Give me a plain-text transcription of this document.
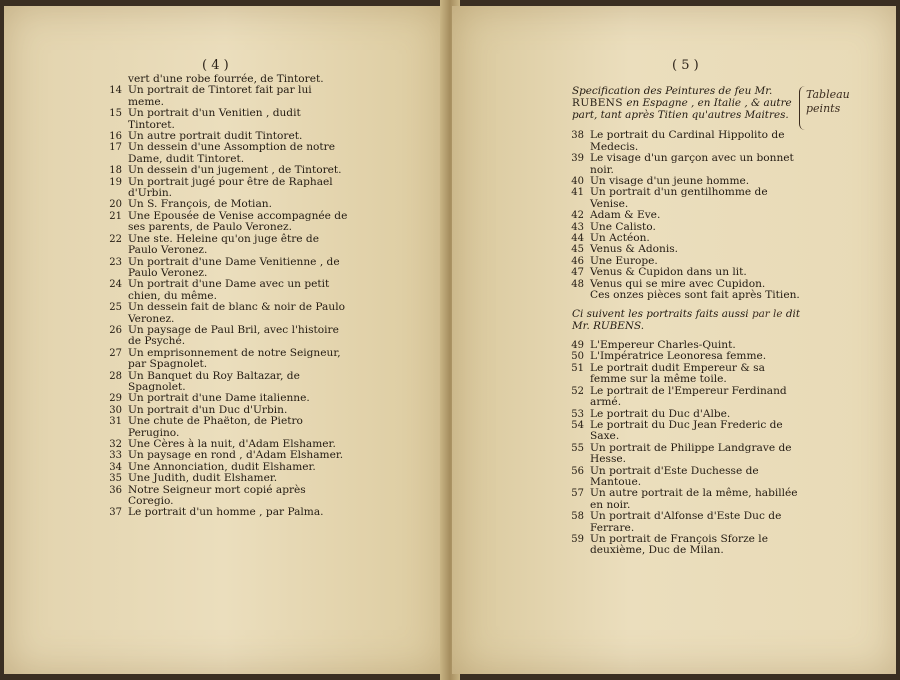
( 4 )
vert d'une robe fourrée, de Tintoret.
14 Un portrait de Tintoret fait par lui meme.
15 Un portrait d'un Venitien , dudit Tintoret.
16 Un autre portrait dudit Tintoret.
17 Un dessein d'une Assomption de notre Dame, dudit Tintoret.
18 Un dessein d'un jugement , de Tintoret.
19 Un portrait jugé pour être de Raphael d'Urbin.
20 Un S. François, de Motian.
21 Une Epousée de Venise accompagnée de ses parents, de Paulo Veronez.
22 Une ste. Heleine qu'on juge être de Paulo Veronez.
23 Un portrait d'une Dame Venitienne , de Paulo Veronez.
24 Un portrait d'une Dame avec un petit chien, du même.
25 Un dessein fait de blanc & noir de Paulo Veronez.
26 Un paysage de Paul Bril, avec l'histoire de Psyché.
27 Un emprisonnement de notre Seigneur, par Spagnolet.
28 Un Banquet du Roy Baltazar, de Spagnolet.
29 Un portrait d'une Dame italienne.
30 Un portrait d'un Duc d'Urbin.
31 Une chute de Phaëton, de Pietro Perugino.
32 Une Cères à la nuit, d'Adam Elshamer.
33 Un paysage en rond , d'Adam Elshamer.
34 Une Annonciation, dudit Elshamer.
35 Une Judith, dudit Elshamer.
36 Notre Seigneur mort copié après Coregio.
37 Le portrait d'un homme , par Palma.
( 5 )
Tableau peints
Specification des Peintures de feu Mr. RUBENS en Espagne , en Italie , & autre part, tant après Titien qu'autres Maitres.
38 Le portrait du Cardinal Hippolito de Medecis.
39 Le visage d'un garçon avec un bonnet noir.
40 Un visage d'un jeune homme.
41 Un portrait d'un gentilhomme de Venise.
42 Adam & Eve.
43 Une Calisto.
44 Un Actéon.
45 Venus & Adonis.
46 Une Europe.
47 Venus & Cupidon dans un lit.
48 Venus qui se mire avec Cupidon.
Ces onzes pièces sont fait après Titien.
Ci suivent les portraits faits aussi par le dit Mr. RUBENS.
49 L'Empereur Charles-Quint.
50 L'Impératrice Leonoresa femme.
51 Le portrait dudit Empereur & sa femme sur la même toile.
52 Le portrait de l'Empereur Ferdinand armé.
53 Le portrait du Duc d'Albe.
54 Le portrait du Duc Jean Frederic de Saxe.
55 Un portrait de Philippe Landgrave de Hesse.
56 Un portrait d'Este Duchesse de Mantoue.
57 Un autre portrait de la même, habillée en noir.
58 Un portrait d'Alfonse d'Este Duc de Ferrare.
59 Un portrait de François Sforze le deuxième, Duc de Milan.
